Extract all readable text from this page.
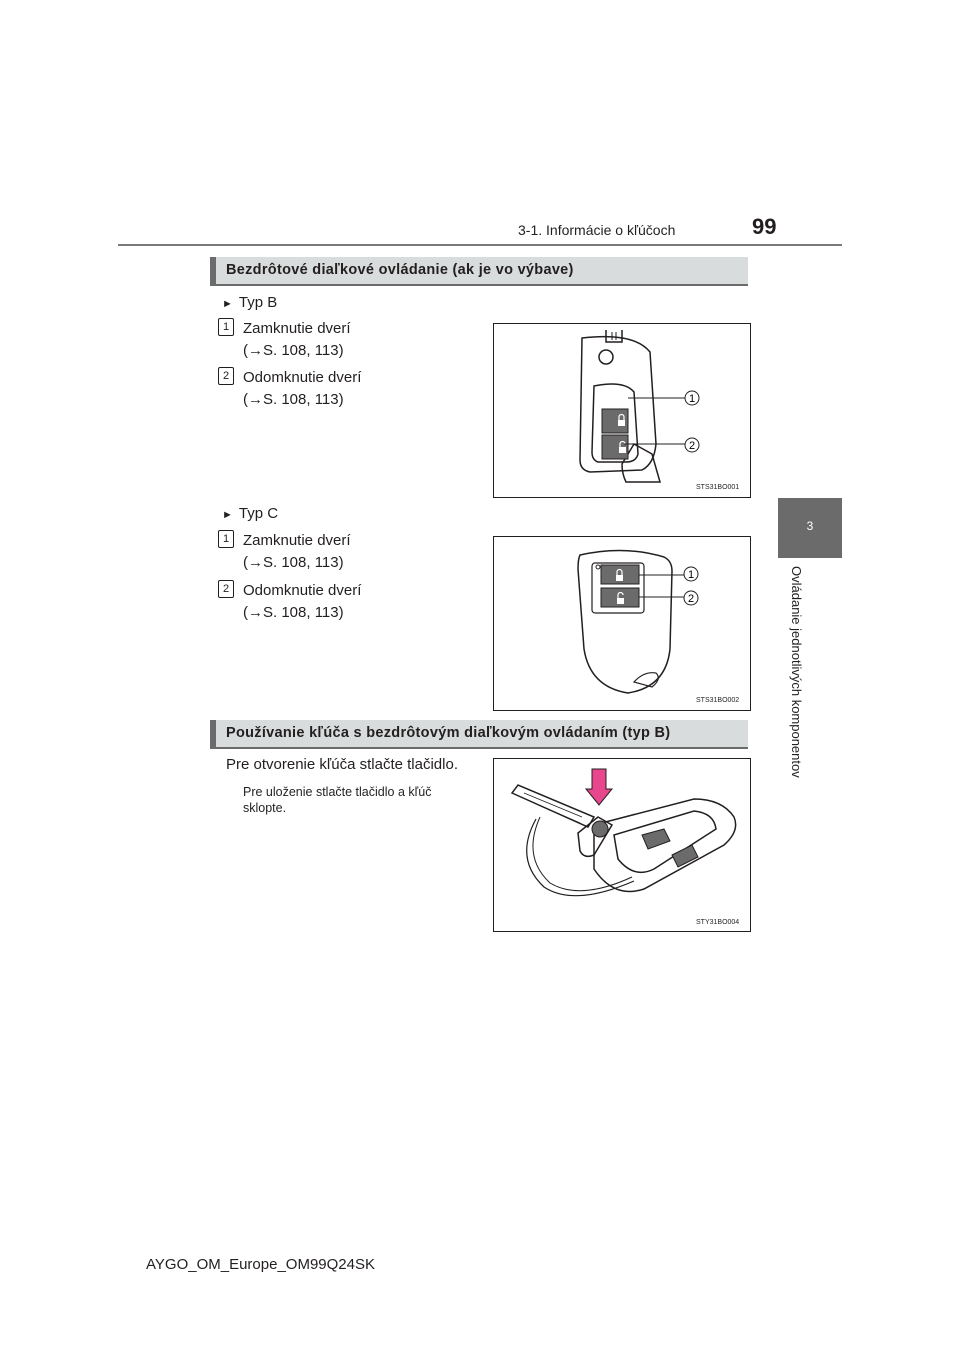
3-1. Informácie o kľúčoch	99
3
Ovládanie jednotlivých komponentov
Bezdrôtové diaľkové ovládanie (ak je vo výbave)
► Typ B
1 Zamknutie dverí
(→S. 108, 113)
2 Odomknutie dverí
(→S. 108, 113)	1
2
STS31BO001
► Typ C
1 Zamknutie dverí
(→S. 108, 113)
2 Odomknutie dverí
(→S. 108, 113)
1
2
STS31BO002
Používanie kľúča s bezdrôtovým diaľkovým ovládaním (typ B)
Pre otvorenie kľúča stlačte tlačidlo.
Pre uloženie stlačte tlačidlo a kľúč
sklopte.
STY31BO004
AYGO_OM_Europe_OM99Q24SK
